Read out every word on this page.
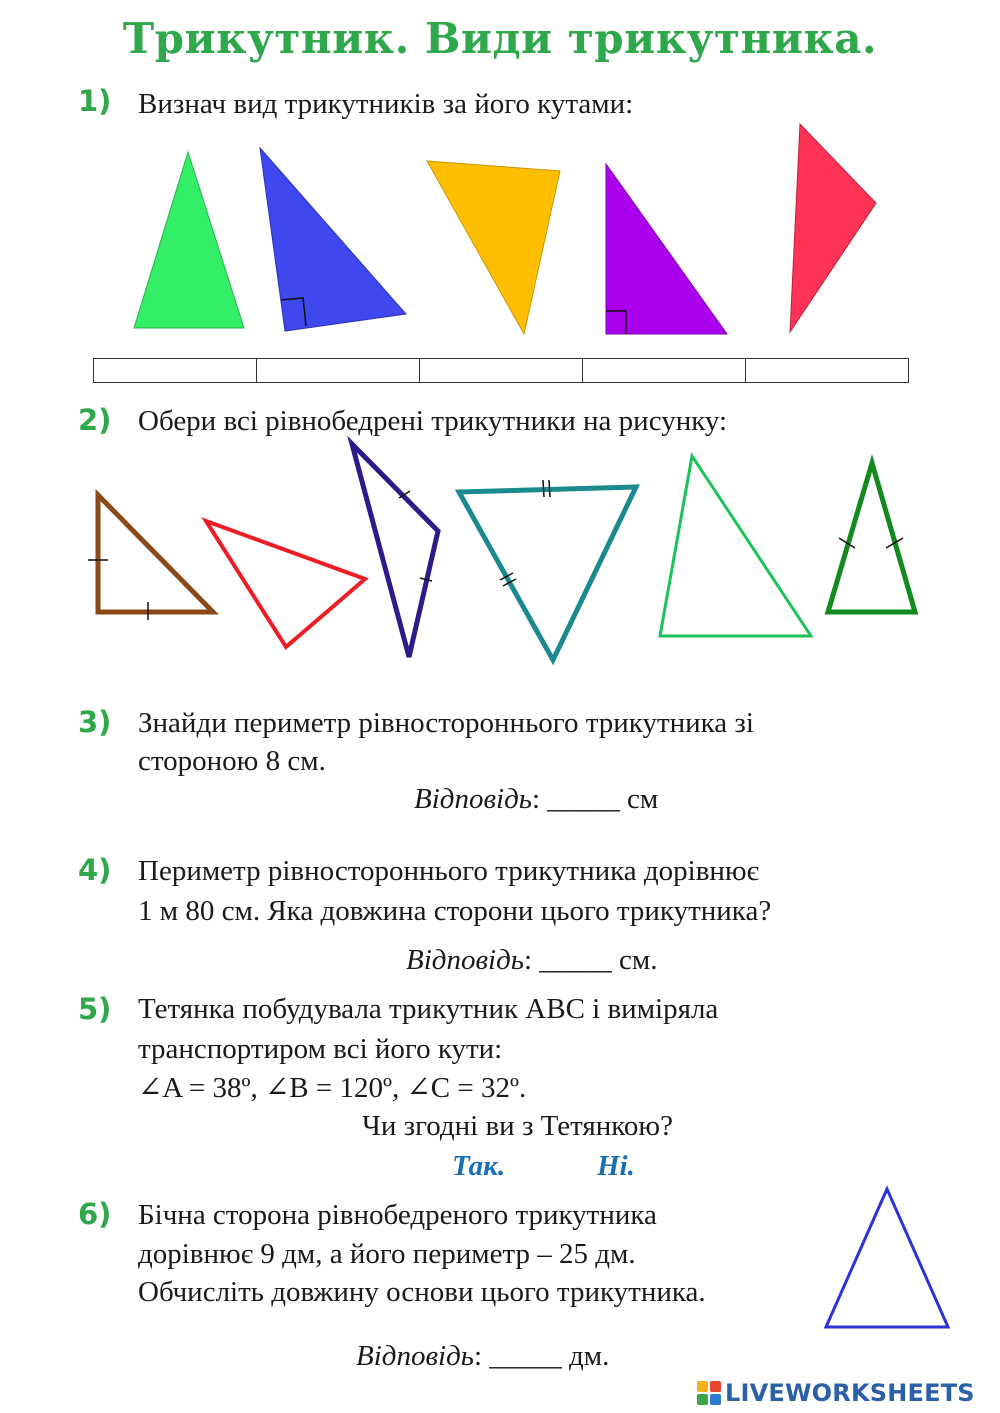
Трикутник. Види трикутника.
1) Визнач вид трикутників за його кутами:
2) Обери всі рівнобедрені трикутники на рисунку:
3) Знайди периметр рівностороннього трикутника зі
стороною 8 см.
Відповідь: _____ см
4) Периметр рівностороннього трикутника дорівнює
1 м 80 см. Яка довжина сторони цього трикутника?
Відповідь: _____ см.
5) Тетянка побудувала трикутник АВС і виміряла
транспортиром всі його кути:
∠A = 38º, ∠B = 120º, ∠C = 32º.
Чи згодні ви з Тетянкою?
Так.	Ні.
6) Бічна сторона рівнобедреного трикутника
дорівнює 9 дм, а його периметр – 25 дм.
Обчисліть довжину основи цього трикутника.
Відповідь: _____ дм.
LIVEWORKSHEETS
